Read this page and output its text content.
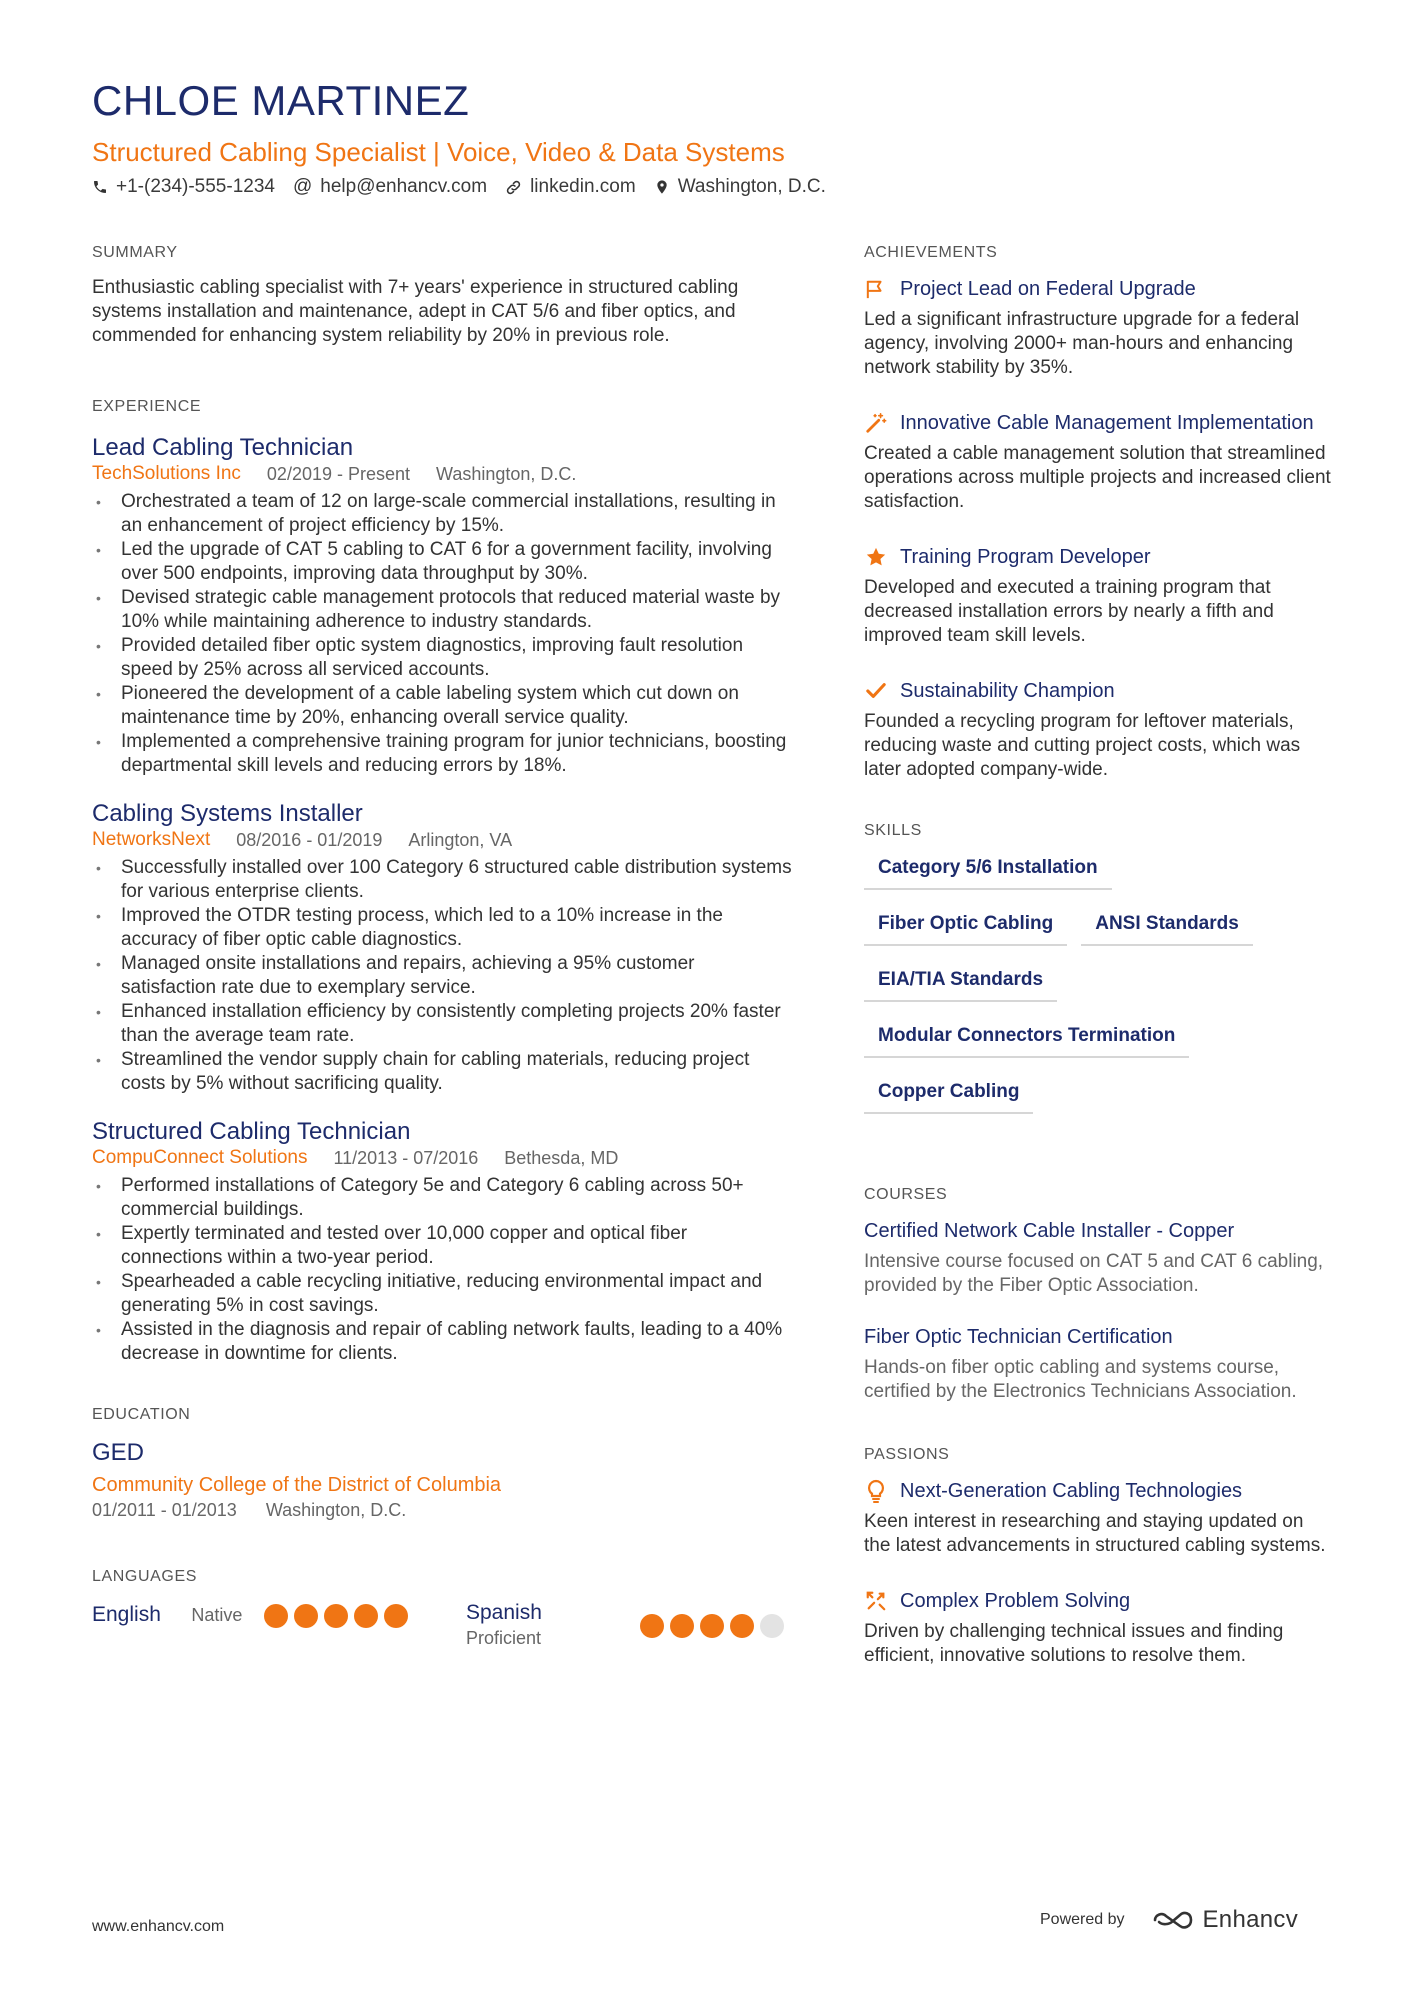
CHLOE MARTINEZ
Structured Cabling Specialist | Voice, Video & Data Systems
+1-(234)-555-1234 @ help@enhancv.com linkedin.com Washington, D.C.
SUMMARY

Enthusiastic cabling specialist with 7+ years' experience in structured cabling systems installation and maintenance, adept in CAT 5/6 and fiber optics, and commended for enhancing system reliability by 20% in previous role.

EXPERIENCE
Lead Cabling Technician
TechSolutions Inc 02/2019 - Present Washington, D.C.
• Orchestrated a team of 12 on large-scale commercial installations, resulting in an enhancement of project efficiency by 15%.
• Led the upgrade of CAT 5 cabling to CAT 6 for a government facility, involving over 500 endpoints, improving data throughput by 30%.
• Devised strategic cable management protocols that reduced material waste by 10% while maintaining adherence to industry standards.
• Provided detailed fiber optic system diagnostics, improving fault resolution speed by 25% across all serviced accounts.
• Pioneered the development of a cable labeling system which cut down on maintenance time by 20%, enhancing overall service quality.
• Implemented a comprehensive training program for junior technicians, boosting departmental skill levels and reducing errors by 18%.
Cabling Systems Installer
NetworksNext 08/2016 - 01/2019 Arlington, VA
• Successfully installed over 100 Category 6 structured cable distribution systems for various enterprise clients.
• Improved the OTDR testing process, which led to a 10% increase in the accuracy of fiber optic cable diagnostics.
• Managed onsite installations and repairs, achieving a 95% customer satisfaction rate due to exemplary service.
• Enhanced installation efficiency by consistently completing projects 20% faster than the average team rate.
• Streamlined the vendor supply chain for cabling materials, reducing project costs by 5% without sacrificing quality.
Structured Cabling Technician
CompuConnect Solutions 11/2013 - 07/2016 Bethesda, MD
• Performed installations of Category 5e and Category 6 cabling across 50+ commercial buildings.
• Expertly terminated and tested over 10,000 copper and optical fiber connections within a two-year period.
• Spearheaded a cable recycling initiative, reducing environmental impact and generating 5% in cost savings.
• Assisted in the diagnosis and repair of cabling network faults, leading to a 40% decrease in downtime for clients.
EDUCATION
GED
Community College of the District of Columbia
01/2011 - 01/2013 Washington, D.C.
LANGUAGES
English Native	Spanish
Proficient
ACHIEVEMENTS
Project Lead on Federal Upgrade
Led a significant infrastructure upgrade for a federal agency, involving 2000+ man-hours and enhancing network stability by 35%.
Innovative Cable Management Implementation
Created a cable management solution that streamlined operations across multiple projects and increased client satisfaction.
Training Program Developer
Developed and executed a training program that decreased installation errors by nearly a fifth and improved team skill levels.
Sustainability Champion
Founded a recycling program for leftover materials, reducing waste and cutting project costs, which was later adopted company-wide.
SKILLS
Category 5/6 Installation
Fiber Optic Cabling	ANSI Standards
EIA/TIA Standards
Modular Connectors Termination
Copper Cabling
COURSES
Certified Network Cable Installer - Copper
Intensive course focused on CAT 5 and CAT 6 cabling, provided by the Fiber Optic Association.
Fiber Optic Technician Certification
Hands-on fiber optic cabling and systems course, certified by the Electronics Technicians Association.
PASSIONS
Next-Generation Cabling Technologies
Keen interest in researching and staying updated on the latest advancements in structured cabling systems.
Complex Problem Solving
Driven by challenging technical issues and finding efficient, innovative solutions to resolve them.
www.enhancv.com	Powered by	Enhancv
